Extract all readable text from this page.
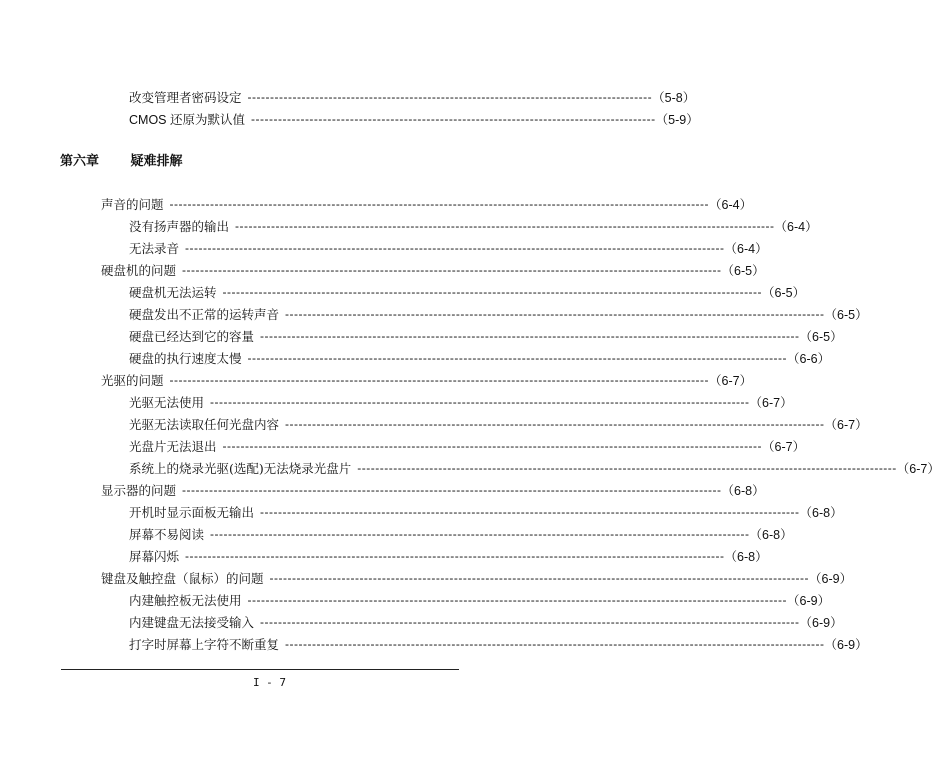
改变管理者密码设定 ------------------------------------------------------------------------------------------ （5-8）
CMOS 还原为默认值 ------------------------------------------------------------------------------------------ （5-9）
第六章 疑难排解
声音的问题 ------------------------------------------------------------------------------------------------------------------------ （6-4）
没有扬声器的输出 ------------------------------------------------------------------------------------------------------------------------ （6-4）
无法录音 ------------------------------------------------------------------------------------------------------------------------ （6-4）
硬盘机的问题 ------------------------------------------------------------------------------------------------------------------------ （6-5）
硬盘机无法运转 ------------------------------------------------------------------------------------------------------------------------ （6-5）
硬盘发出不正常的运转声音 ------------------------------------------------------------------------------------------------------------------------ （6-5）
硬盘已经达到它的容量 ------------------------------------------------------------------------------------------------------------------------ （6-5）
硬盘的执行速度太慢 ------------------------------------------------------------------------------------------------------------------------ （6-6）
光驱的问题 ------------------------------------------------------------------------------------------------------------------------ （6-7）
光驱无法使用 ------------------------------------------------------------------------------------------------------------------------ （6-7）
光驱无法读取任何光盘内容 ------------------------------------------------------------------------------------------------------------------------ （6-7）
光盘片无法退出 ------------------------------------------------------------------------------------------------------------------------ （6-7）
系统上的烧录光驱(选配)无法烧录光盘片 ------------------------------------------------------------------------------------------------------------------------ （6-7）
显示器的问题 ------------------------------------------------------------------------------------------------------------------------ （6-8）
开机时显示面板无输出 ------------------------------------------------------------------------------------------------------------------------ （6-8）
屏幕不易阅读 ------------------------------------------------------------------------------------------------------------------------ （6-8）
屏幕闪烁 ------------------------------------------------------------------------------------------------------------------------ （6-8）
键盘及触控盘（鼠标）的问题 ------------------------------------------------------------------------------------------------------------------------ （6-9）
内建触控板无法使用 ------------------------------------------------------------------------------------------------------------------------ （6-9）
内建键盘无法接受输入 ------------------------------------------------------------------------------------------------------------------------ （6-9）
打字时屏幕上字符不断重复 ------------------------------------------------------------------------------------------------------------------------ （6-9）
I - 7
